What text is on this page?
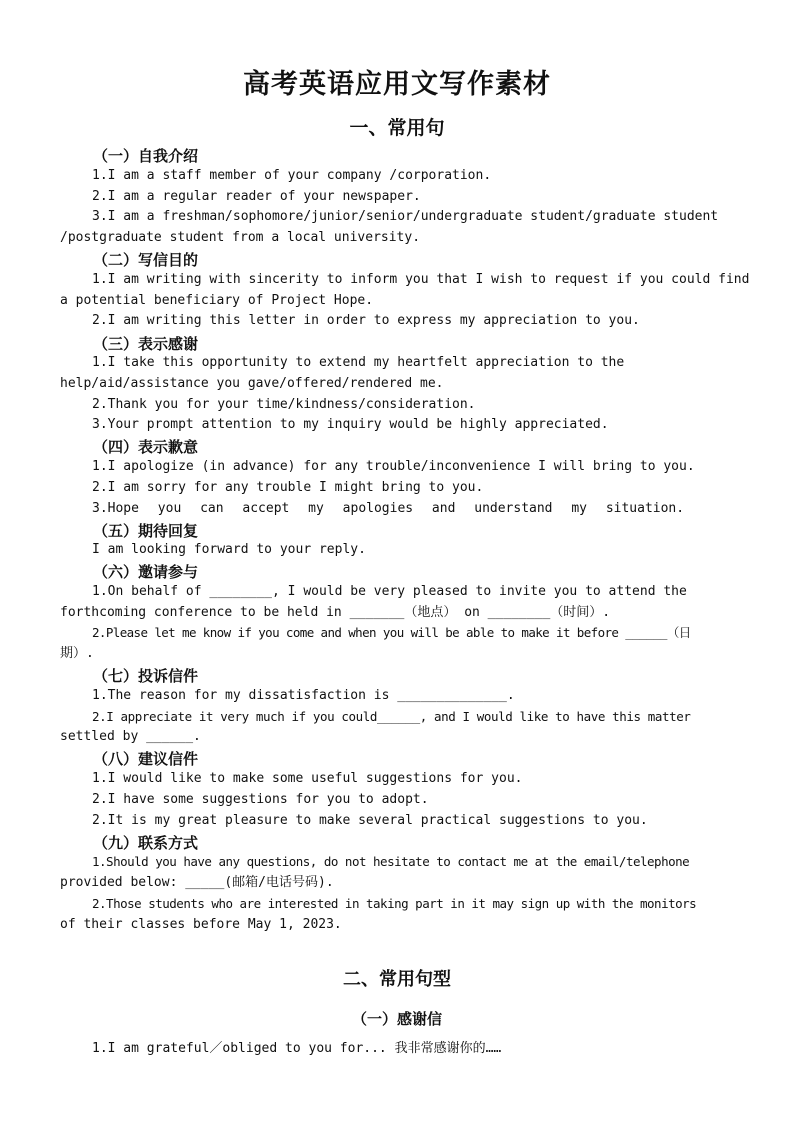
高考英语应用文写作素材
一、常用句
（一）自我介绍
1.I am a staff member of your company /corporation.
2.I am a regular reader of your newspaper.
3.I am a freshman/sophomore/junior/senior/undergraduate student/graduate student
/postgraduate student from a local university.
（二）写信目的
1.I am writing with sincerity to inform you that I wish to request if you could find
a potential beneficiary of Project Hope.
2.I am writing this letter in order to express my appreciation to you.
（三）表示感谢
1.I take this opportunity to extend my heartfelt appreciation to the
help/aid/assistance you gave/offered/rendered me.
2.Thank you for your time/kindness/consideration.
3.Your prompt attention to my inquiry would be highly appreciated.
（四）表示歉意
1.I apologize (in advance) for any trouble/inconvenience I will bring to you.
2.I am sorry for any trouble I might bring to you.
3.Hope you can accept my apologies and understand my situation.
（五）期待回复
I am looking forward to your reply.
（六）邀请参与
1.On behalf of ________, I would be very pleased to invite you to attend the
forthcoming conference to be held in _______（地点） on ________（时间）.
2.Please let me know if you come and when you will be able to make it before ______（日
期）.
（七）投诉信件
1.The reason for my dissatisfaction is ______________.
2.I appreciate it very much if you could______, and I would like to have this matter
settled by ______.
（八）建议信件
1.I would like to make some useful suggestions for you.
2.I have some suggestions for you to adopt.
2.It is my great pleasure to make several practical suggestions to you.
（九）联系方式
1.Should you have any questions, do not hesitate to contact me at the email/telephone
provided below: _____(邮箱/电话号码).
2.Those students who are interested in taking part in it may sign up with the monitors
of their classes before May 1, 2023.
二、常用句型
（一）感谢信
1.I am grateful／obliged to you for... 我非常感谢你的……
